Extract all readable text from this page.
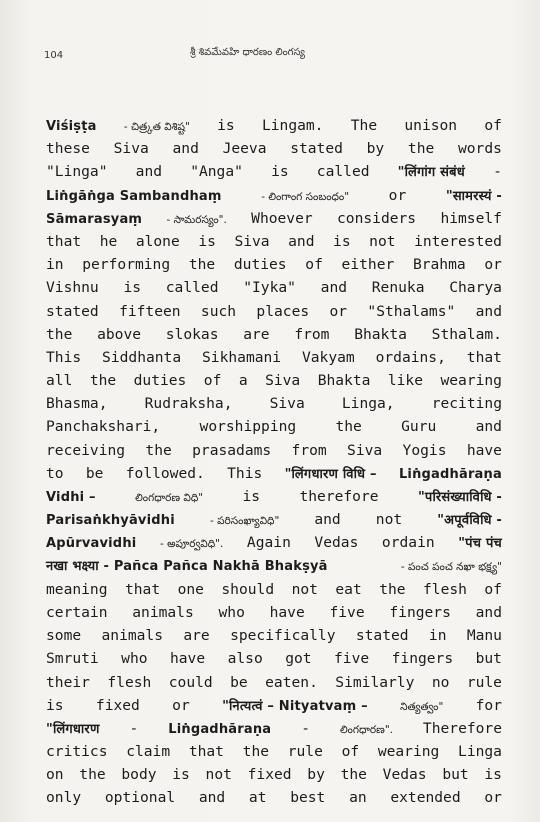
104	శ్రీ శివమేవహి ధారణం లింగస్య
Viśiṣṭa	- చిత్ర్కత విశిష్ట" is Lingam. The unison of
these Siva and Jeeva stated by the words
"Linga" and "Anga" is called "लिंगांग संबंधं -
Liṅgāṅga Sambandhaṃ	- లింగాంగ సంబంధం"	or	"सामरस्यं -
Sāmarasyaṃ - సామరస్యం". Whoever considers himself
that he alone is Siva and is not interested
in performing the duties of either Brahma or
Vishnu is called "Iyka" and Renuka Charya
stated fifteen such places or "Sthalams" and
the above slokas are from Bhakta Sthalam.
This Siddhanta Sikhamani Vakyam ordains, that
all the duties of a Siva Bhakta like wearing
Bhasma,	Rudraksha,	Siva	Linga,	reciting
Panchakshari,	worshipping	the	Guru	and
receiving the prasadams from Siva Yogis have
to be followed. This "लिंगधारण विधि – Liṅgadhāraṇa
Vidhi –	లింగధారణ విధి"	is	therefore	"परिसंख्याविधि -
Parisaṅkhyāvidhi	- పరిసంఖ్యావిధి" and not	"अपूर्वविधि -
Apūrvavidhi - అపూర్వవిధి". Again Vedas ordain "पंच पंच
नखा भक्ष्या - Pañca Pañca Nakhā Bhakṣyā	- పంచ పంచ నఖా భక్ష్య"
meaning that one should not eat the flesh of
certain animals who have five fingers and
some animals are specifically stated in Manu
Smruti who have also got five fingers but
their flesh could be eaten. Similarly no rule
is fixed or "नित्यत्वं – Nityatvaṃ –	నిత్యత్వం" for
"लिंगधारण - Liṅgadhāraṇa -	లింగధారణ". Therefore
critics claim that the rule of wearing Linga
on the body is not fixed by the Vedas but is
only optional and at best an extended or
